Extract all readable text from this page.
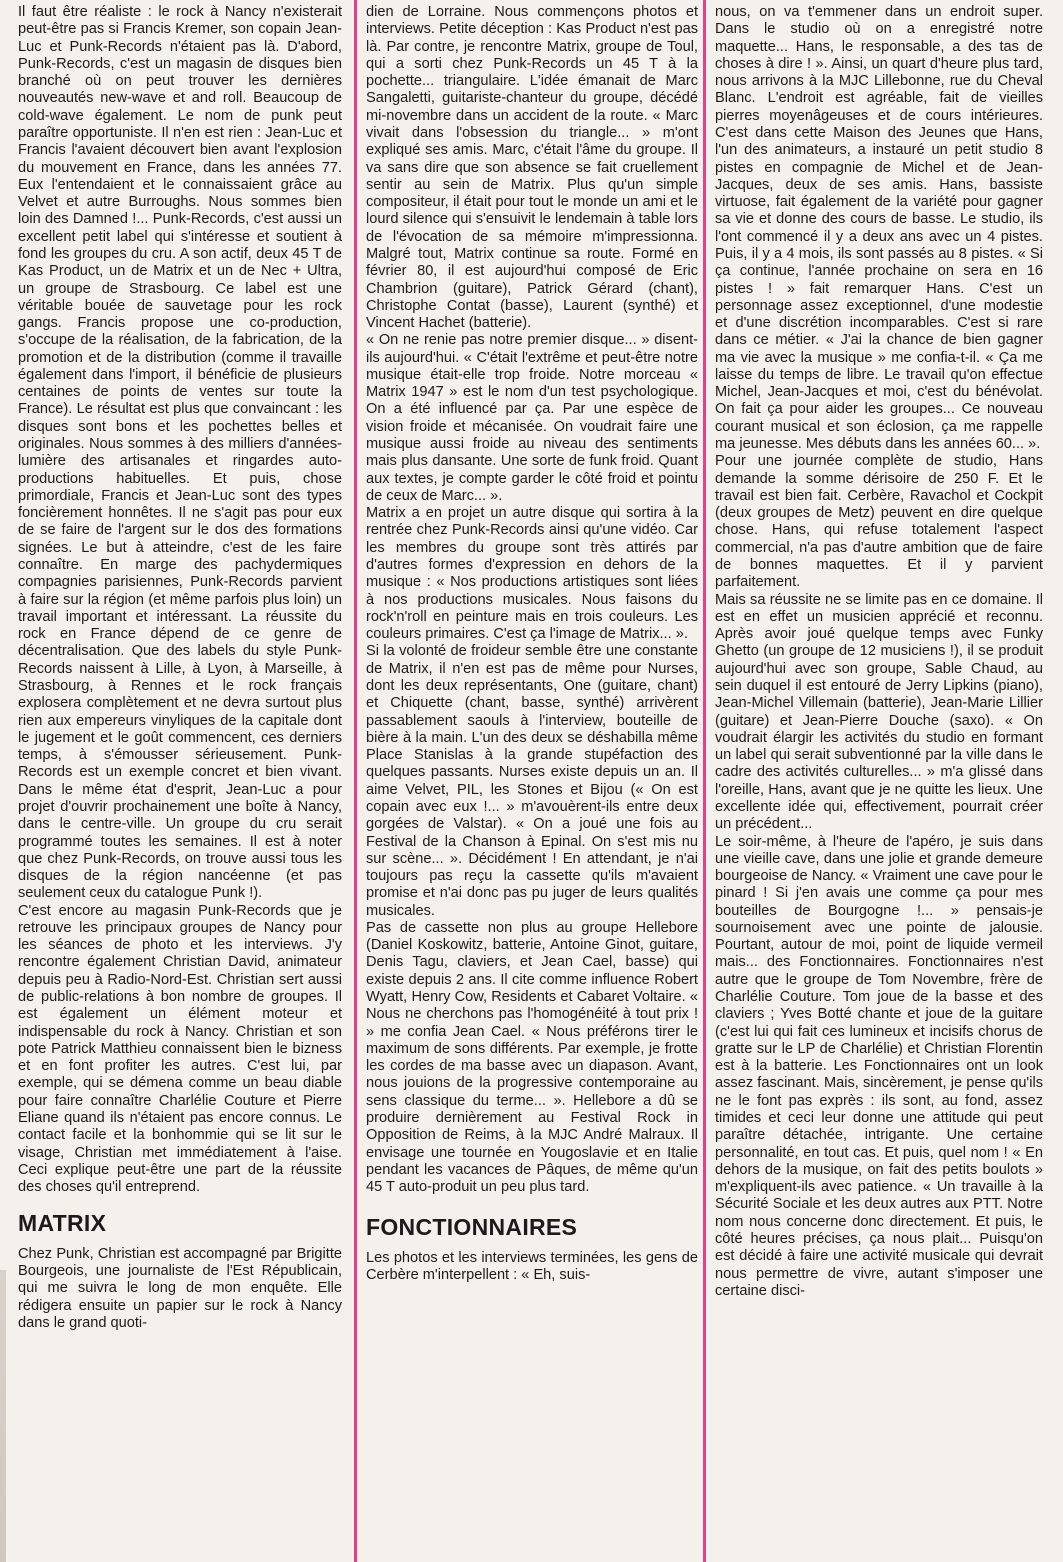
Il faut être réaliste : le rock à Nancy n'existerait peut-être pas si Francis Kremer, son copain Jean-Luc et Punk-Records n'étaient pas là. D'abord, Punk-Records, c'est un magasin de disques bien branché où on peut trouver les dernières nouveautés new-wave et and roll. Beaucoup de cold-wave également. Le nom de punk peut paraître opportuniste. Il n'en est rien : Jean-Luc et Francis l'avaient découvert bien avant l'explosion du mouvement en France, dans les années 77. Eux l'entendaient et le connaissaient grâce au Velvet et autre Burroughs. Nous sommes bien loin des Damned !... Punk-Records, c'est aussi un excellent petit label qui s'intéresse et soutient à fond les groupes du cru. A son actif, deux 45 T de Kas Product, un de Matrix et un de Nec + Ultra, un groupe de Strasbourg. Ce label est une véritable bouée de sauvetage pour les rock gangs. Francis propose une co-production, s'occupe de la réalisation, de la fabrication, de la promotion et de la distribution (comme il travaille également dans l'import, il bénéficie de plusieurs centaines de points de ventes sur toute la France). Le résultat est plus que convaincant : les disques sont bons et les pochettes belles et originales. Nous sommes à des milliers d'années-lumière des artisanales et ringardes auto-productions habituelles. Et puis, chose primordiale, Francis et Jean-Luc sont des types foncièrement honnêtes. Il ne s'agit pas pour eux de se faire de l'argent sur le dos des formations signées. Le but à atteindre, c'est de les faire connaître. En marge des pachydermiques compagnies parisiennes, Punk-Records parvient à faire sur la région (et même parfois plus loin) un travail important et intéressant. La réussite du rock en France dépend de ce genre de décentralisation. Que des labels du style Punk-Records naissent à Lille, à Lyon, à Marseille, à Strasbourg, à Rennes et le rock français explosera complètement et ne devra surtout plus rien aux empereurs vinyliques de la capitale dont le jugement et le goût commencent, ces derniers temps, à s'émousser sérieusement. Punk-Records est un exemple concret et bien vivant. Dans le même état d'esprit, Jean-Luc a pour projet d'ouvrir prochainement une boîte à Nancy, dans le centre-ville. Un groupe du cru serait programmé toutes les semaines. Il est à noter que chez Punk-Records, on trouve aussi tous les disques de la région nancéenne (et pas seulement ceux du catalogue Punk !).

C'est encore au magasin Punk-Records que je retrouve les principaux groupes de Nancy pour les séances de photo et les interviews. J'y rencontre également Christian David, animateur depuis peu à Radio-Nord-Est. Christian sert aussi de public-relations à bon nombre de groupes. Il est également un élément moteur et indispensable du rock à Nancy. Christian et son pote Patrick Matthieu connaissent bien le bizness et en font profiter les autres. C'est lui, par exemple, qui se démena comme un beau diable pour faire connaître Charlélie Couture et Pierre Eliane quand ils n'étaient pas encore connus. Le contact facile et la bonhommie qui se lit sur le visage, Christian met immédiatement à l'aise. Ceci explique peut-être une part de la réussite des choses qu'il entreprend.

MATRIX

Chez Punk, Christian est accompagné par Brigitte Bourgeois, une journaliste de l'Est Républicain, qui me suivra le long de mon enquête. Elle rédigera ensuite un papier sur le rock à Nancy dans le grand quoti-

dien de Lorraine. Nous commençons photos et interviews. Petite déception : Kas Product n'est pas là. Par contre, je rencontre Matrix, groupe de Toul, qui a sorti chez Punk-Records un 45 T à la pochette... triangulaire. L'idée émanait de Marc Sangaletti, guitariste-chanteur du groupe, décédé mi-novembre dans un accident de la route. « Marc vivait dans l'obsession du triangle... » m'ont expliqué ses amis. Marc, c'était l'âme du groupe. Il va sans dire que son absence se fait cruellement sentir au sein de Matrix. Plus qu'un simple compositeur, il était pour tout le monde un ami et le lourd silence qui s'ensuivit le lendemain à table lors de l'évocation de sa mémoire m'impressionna. Malgré tout, Matrix continue sa route. Formé en février 80, il est aujourd'hui composé de Eric Chambrion (guitare), Patrick Gérard (chant), Christophe Contat (basse), Laurent (synthé) et Vincent Hachet (batterie).

« On ne renie pas notre premier disque... » disent-ils aujourd'hui. « C'était l'extrême et peut-être notre musique était-elle trop froide. Notre morceau « Matrix 1947 » est le nom d'un test psychologique. On a été influencé par ça. Par une espèce de vision froide et mécanisée. On voudrait faire une musique aussi froide au niveau des sentiments mais plus dansante. Une sorte de funk froid. Quant aux textes, je compte garder le côté froid et pointu de ceux de Marc... ».

Matrix a en projet un autre disque qui sortira à la rentrée chez Punk-Records ainsi qu'une vidéo. Car les membres du groupe sont très attirés par d'autres formes d'expression en dehors de la musique : « Nos productions artistiques sont liées à nos productions musicales. Nous faisons du rock'n'roll en peinture mais en trois couleurs. Les couleurs primaires. C'est ça l'image de Matrix... ».

Si la volonté de froideur semble être une constante de Matrix, il n'en est pas de même pour Nurses, dont les deux représentants, One (guitare, chant) et Chiquette (chant, basse, synthé) arrivèrent passablement saouls à l'interview, bouteille de bière à la main. L'un des deux se déshabilla même Place Stanislas à la grande stupéfaction des quelques passants. Nurses existe depuis un an. Il aime Velvet, PIL, les Stones et Bijou (« On est copain avec eux !... » m'avouèrent-ils entre deux gorgées de Valstar). « On a joué une fois au Festival de la Chanson à Epinal. On s'est mis nu sur scène... ». Décidément ! En attendant, je n'ai toujours pas reçu la cassette qu'ils m'avaient promise et n'ai donc pas pu juger de leurs qualités musicales.

Pas de cassette non plus au groupe Hellebore (Daniel Koskowitz, batterie, Antoine Ginot, guitare, Denis Tagu, claviers, et Jean Cael, basse) qui existe depuis 2 ans. Il cite comme influence Robert Wyatt, Henry Cow, Residents et Cabaret Voltaire. « Nous ne cherchons pas l'homogénéité à tout prix ! » me confia Jean Cael. « Nous préférons tirer le maximum de sons différents. Par exemple, je frotte les cordes de ma basse avec un diapason. Avant, nous jouions de la progressive contemporaine au sens classique du terme... ». Hellebore a dû se produire dernièrement au Festival Rock in Opposition de Reims, à la MJC André Malraux. Il envisage une tournée en Yougoslavie et en Italie pendant les vacances de Pâques, de même qu'un 45 T auto-produit un peu plus tard.

FONCTIONNAIRES

Les photos et les interviews terminées, les gens de Cerbère m'interpellent : « Eh, suis-

nous, on va t'emmener dans un endroit super. Dans le studio où on a enregistré notre maquette... Hans, le responsable, a des tas de choses à dire ! ». Ainsi, un quart d'heure plus tard, nous arrivons à la MJC Lillebonne, rue du Cheval Blanc. L'endroit est agréable, fait de vieilles pierres moyenâgeuses et de cours intérieures. C'est dans cette Maison des Jeunes que Hans, l'un des animateurs, a instauré un petit studio 8 pistes en compagnie de Michel et de Jean-Jacques, deux de ses amis. Hans, bassiste virtuose, fait également de la variété pour gagner sa vie et donne des cours de basse. Le studio, ils l'ont commencé il y a deux ans avec un 4 pistes. Puis, il y a 4 mois, ils sont passés au 8 pistes. « Si ça continue, l'année prochaine on sera en 16 pistes ! » fait remarquer Hans. C'est un personnage assez exceptionnel, d'une modestie et d'une discrétion incomparables. C'est si rare dans ce métier. « J'ai la chance de bien gagner ma vie avec la musique » me confia-t-il. « Ça me laisse du temps de libre. Le travail qu'on effectue Michel, Jean-Jacques et moi, c'est du bénévolat. On fait ça pour aider les groupes... Ce nouveau courant musical et son éclosion, ça me rappelle ma jeunesse. Mes débuts dans les années 60... ».

Pour une journée complète de studio, Hans demande la somme dérisoire de 250 F. Et le travail est bien fait. Cerbère, Ravachol et Cockpit (deux groupes de Metz) peuvent en dire quelque chose. Hans, qui refuse totalement l'aspect commercial, n'a pas d'autre ambition que de faire de bonnes maquettes. Et il y parvient parfaitement.

Mais sa réussite ne se limite pas en ce domaine. Il est en effet un musicien apprécié et reconnu. Après avoir joué quelque temps avec Funky Ghetto (un groupe de 12 musiciens !), il se produit aujourd'hui avec son groupe, Sable Chaud, au sein duquel il est entouré de Jerry Lipkins (piano), Jean-Michel Villemain (batterie), Jean-Marie Lillier (guitare) et Jean-Pierre Douche (saxo). « On voudrait élargir les activités du studio en formant un label qui serait subventionné par la ville dans le cadre des activités culturelles... » m'a glissé dans l'oreille, Hans, avant que je ne quitte les lieux. Une excellente idée qui, effectivement, pourrait créer un précédent...

Le soir-même, à l'heure de l'apéro, je suis dans une vieille cave, dans une jolie et grande demeure bourgeoise de Nancy. « Vraiment une cave pour le pinard ! Si j'en avais une comme ça pour mes bouteilles de Bourgogne !... » pensais-je sournoisement avec une pointe de jalousie. Pourtant, autour de moi, point de liquide vermeil mais... des Fonctionnaires. Fonctionnaires n'est autre que le groupe de Tom Novembre, frère de Charlélie Couture. Tom joue de la basse et des claviers ; Yves Botté chante et joue de la guitare (c'est lui qui fait ces lumineux et incisifs chorus de gratte sur le LP de Charlélie) et Christian Florentin est à la batterie. Les Fonctionnaires ont un look assez fascinant. Mais, sincèrement, je pense qu'ils ne le font pas exprès : ils sont, au fond, assez timides et ceci leur donne une attitude qui peut paraître détachée, intrigante. Une certaine personnalité, en tout cas. Et puis, quel nom ! « En dehors de la musique, on fait des petits boulots » m'expliquent-ils avec patience. « Un travaille à la Sécurité Sociale et les deux autres aux PTT. Notre nom nous concerne donc directement. Et puis, le côté heures précises, ça nous plait... Puisqu'on est décidé à faire une activité musicale qui devrait nous permettre de vivre, autant s'imposer une certaine disci-
